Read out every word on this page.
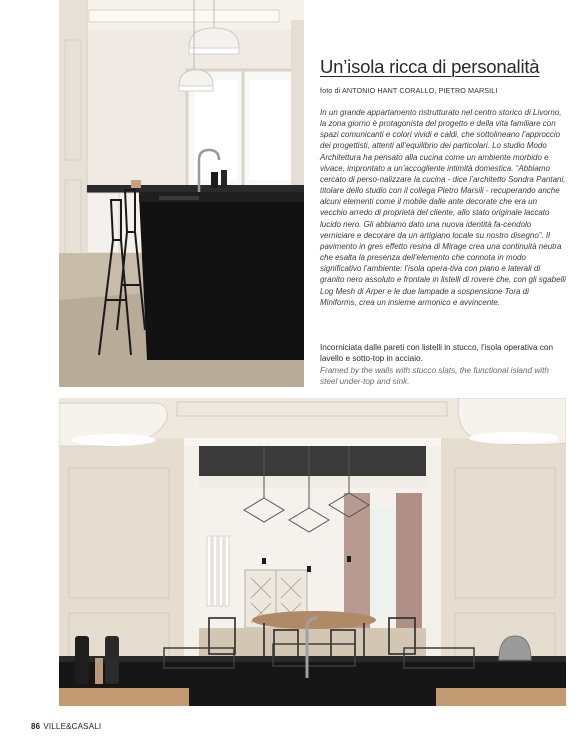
Un’isola ricca di personalità
foto di ANTONIO HANT CORALLO, PIETRO MARSILI

In un grande appartamento ristrutturato nel centro storico di Livorno, la zona giorno è protagonista del progetto e della vita familiare con spazi comunicanti e colori vividi e caldi, che sottolineano l’approccio dei progettisti, attenti all’equilibrio dei particolari. Lo studio Modo Architettura ha pensato alla cucina come un ambiente morbido e vivace, improntato a un’accogliente intimità domestica. “Abbiamo cercato di perso-nalizzare la cucina - dice l’architetto Sondra Pantani, titolare dello studio con il collega Pietro Marsili - recuperando anche alcuni elementi come il mobile dalle ante decorate che era un vecchio arredo di proprietà del cliente, allo stato originale laccato lucido nero. Gli abbiamo dato una nuova identità fa-cendolo verniciare e decorare da un artigiano locale su nostro disegno”. Il pavimento in gres effetto resina di Mirage crea una continuità neutra che esalta la presenza dell’elemento che connota in modo significativo l’ambiente: l’isola opera-tiva con piano e laterali di granito nero assoluto e frontale in listelli di rovere che, con gli sgabelli Log Mesh di Arper e le due lampade a sospensione Tora di Miniforms, crea un insieme armonico e avvincente.

Incorniciata dalle pareti con listelli in stucco, l’isola operativa con lavello e sotto-top in acciaio.

Framed by the walls with stucco slats, the functional island with steel under-top and sink.

86 VILLE&CASALI
